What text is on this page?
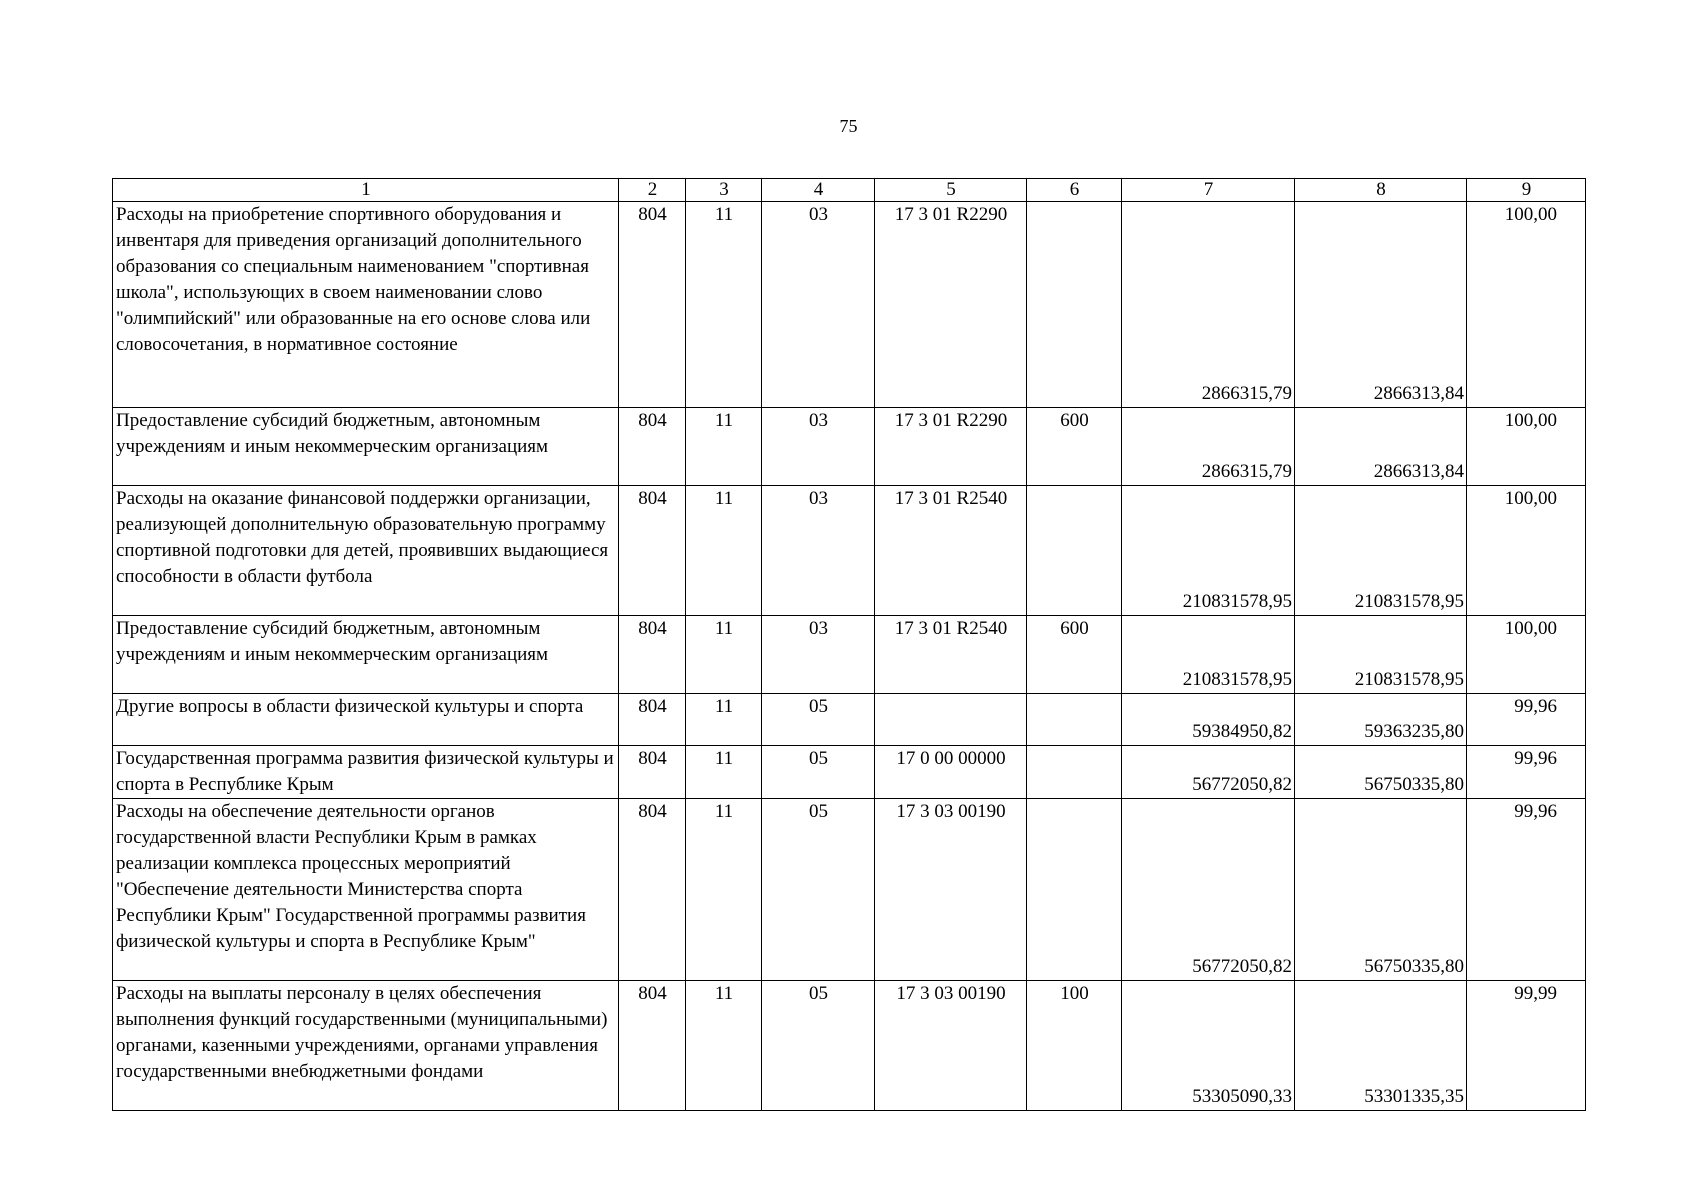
75
1	2	3	4	5	6	7	8	9
Расходы на приобретение спортивного оборудования и инвентаря для приведения организаций дополнительного образования со специальным наименованием "спортивная школа", использующих в своем наименовании слово "олимпийский" или образованные на его основе слова или словосочетания, в нормативное состояние	804	11	03	17 3 01 R2290		2866315,79	2866313,84	100,00
Предоставление субсидий бюджетным, автономным учреждениям и иным некоммерческим организациям	804	11	03	17 3 01 R2290	600	2866315,79	2866313,84	100,00
Расходы на оказание финансовой поддержки организации, реализующей дополнительную образовательную программу спортивной подготовки для детей, проявивших выдающиеся способности в области футбола	804	11	03	17 3 01 R2540		210831578,95	210831578,95	100,00
Предоставление субсидий бюджетным, автономным учреждениям и иным некоммерческим организациям	804	11	03	17 3 01 R2540	600	210831578,95	210831578,95	100,00
Другие вопросы в области физической культуры и спорта	804	11	05			59384950,82	59363235,80	99,96
Государственная программа развития физической культуры и спорта в Республике Крым	804	11	05	17 0 00 00000		56772050,82	56750335,80	99,96
Расходы на обеспечение деятельности органов государственной власти Республики Крым в рамках реализации комплекса процессных мероприятий "Обеспечение деятельности Министерства спорта Республики Крым" Государственной программы развития физической культуры и спорта в Республике Крым"	804	11	05	17 3 03 00190		56772050,82	56750335,80	99,96
Расходы на выплаты персоналу в целях обеспечения выполнения функций государственными (муниципальными) органами, казенными учреждениями, органами управления государственными внебюджетными фондами	804	11	05	17 3 03 00190	100	53305090,33	53301335,35	99,99
